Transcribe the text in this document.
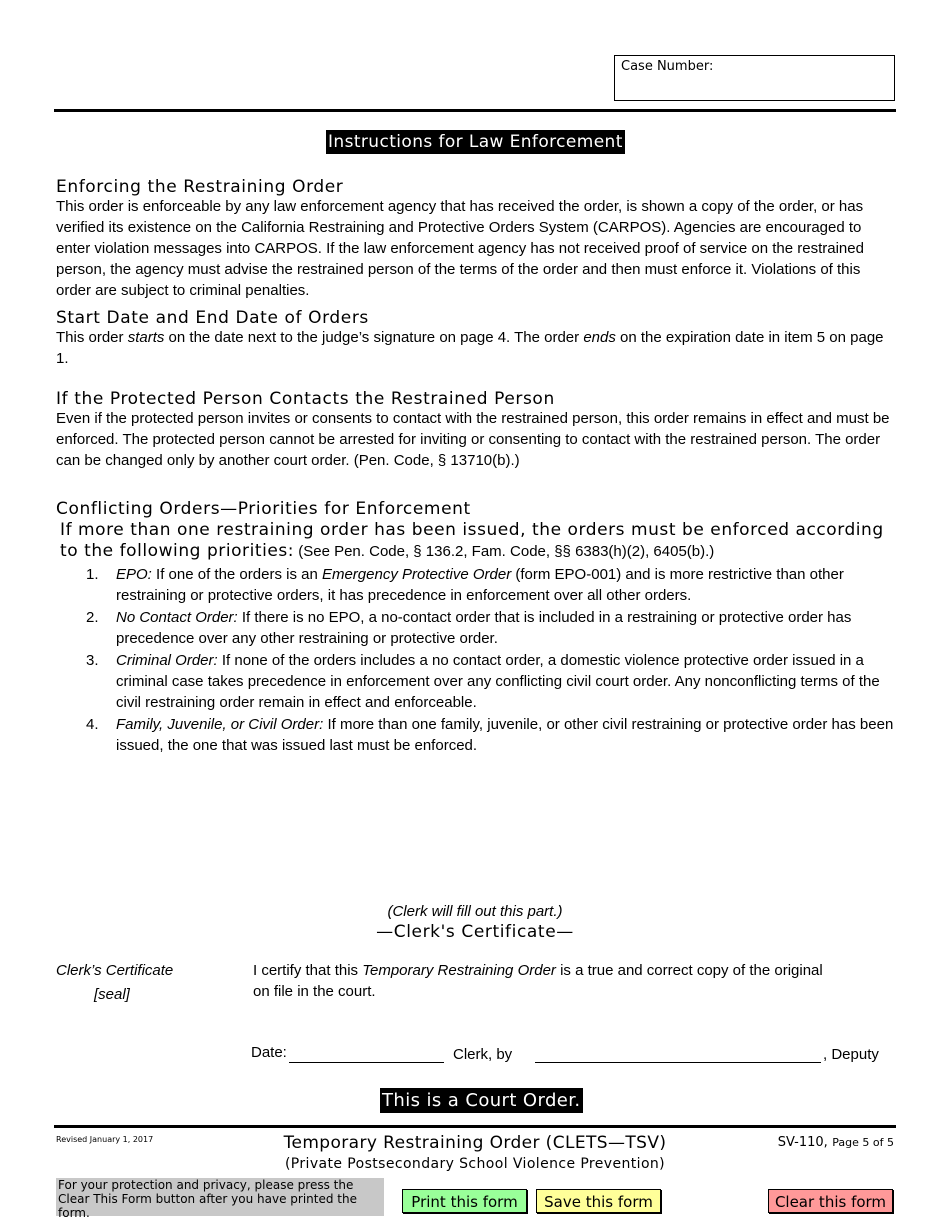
Case Number:
Instructions for Law Enforcement
Enforcing the Restraining Order
This order is enforceable by any law enforcement agency that has received the order, is shown a copy of the order, or has verified its existence on the California Restraining and Protective Orders System (CARPOS). Agencies are encouraged to enter violation messages into CARPOS. If the law enforcement agency has not received proof of service on the restrained person, the agency must advise the restrained person of the terms of the order and then must enforce it. Violations of this order are subject to criminal penalties.
Start Date and End Date of Orders
This order starts on the date next to the judge’s signature on page 4. The order ends on the expiration date in item 5 on page 1.
If the Protected Person Contacts the Restrained Person
Even if the protected person invites or consents to contact with the restrained person, this order remains in effect and must be enforced. The protected person cannot be arrested for inviting or consenting to contact with the restrained person. The order can be changed only by another court order. (Pen. Code, § 13710(b).)
Conflicting Orders—Priorities for Enforcement
If more than one restraining order has been issued, the orders must be enforced according to the following priorities: (See Pen. Code, § 136.2, Fam. Code, §§ 6383(h)(2), 6405(b).)
1. EPO: If one of the orders is an Emergency Protective Order (form EPO-001) and is more restrictive than other restraining or protective orders, it has precedence in enforcement over all other orders.
2. No Contact Order: If there is no EPO, a no-contact order that is included in a restraining or protective order has precedence over any other restraining or protective order.
3. Criminal Order: If none of the orders includes a no contact order, a domestic violence protective order issued in a criminal case takes precedence in enforcement over any conflicting civil court order. Any nonconflicting terms of the civil restraining order remain in effect and enforceable.
4. Family, Juvenile, or Civil Order: If more than one family, juvenile, or other civil restraining or protective order has been issued, the one that was issued last must be enforced.
(Clerk will fill out this part.)
—Clerk's Certificate—
Clerk’s Certificate
[seal]
I certify that this Temporary Restraining Order is a true and correct copy of the original on file in the court.
Date:	Clerk, by	, Deputy
This is a Court Order.
Revised January 1, 2017	Temporary Restraining Order (CLETS—TSV)
(Private Postsecondary School Violence Prevention)
SV-110, Page 5 of 5
For your protection and privacy, please press the Clear This Form button after you have printed the form.
Print this form	Save this form	Clear this form
